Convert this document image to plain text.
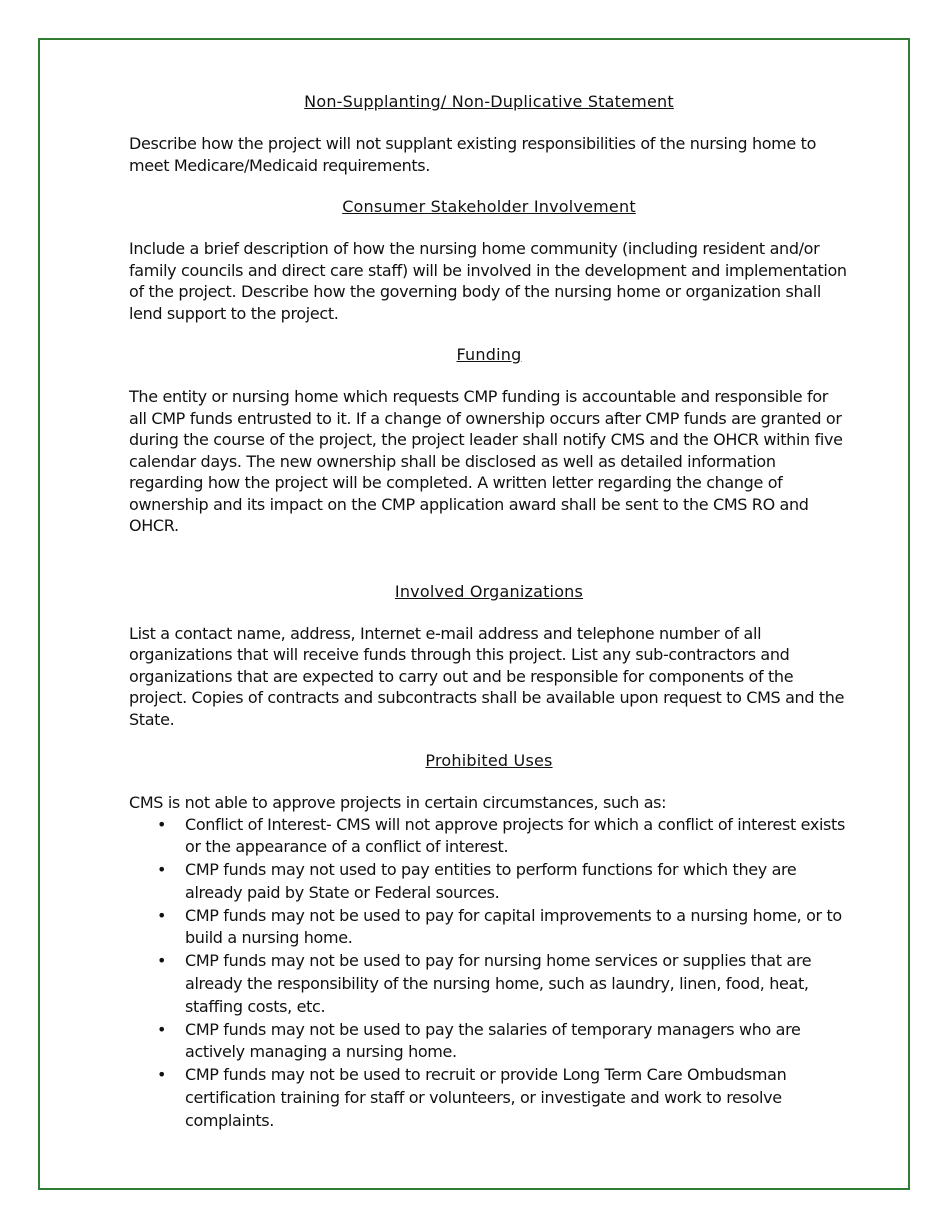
Non-Supplanting/ Non-Duplicative Statement

Describe how the project will not supplant existing responsibilities of the nursing home to meet Medicare/Medicaid requirements.

Consumer Stakeholder Involvement

Include a brief description of how the nursing home community (including resident and/or family councils and direct care staff) will be involved in the development and implementation of the project. Describe how the governing body of the nursing home or organization shall lend support to the project.

Funding

The entity or nursing home which requests CMP funding is accountable and responsible for all CMP funds entrusted to it. If a change of ownership occurs after CMP funds are granted or during the course of the project, the project leader shall notify CMS and the OHCR within five calendar days. The new ownership shall be disclosed as well as detailed information regarding how the project will be completed. A written letter regarding the change of ownership and its impact on the CMP application award shall be sent to the CMS RO and OHCR.

Involved Organizations

List a contact name, address, Internet e-mail address and telephone number of all organizations that will receive funds through this project. List any sub-contractors and organizations that are expected to carry out and be responsible for components of the project. Copies of contracts and subcontracts shall be available upon request to CMS and the State.

Prohibited Uses

CMS is not able to approve projects in certain circumstances, such as:

• Conflict of Interest- CMS will not approve projects for which a conflict of interest exists or the appearance of a conflict of interest.
• CMP funds may not used to pay entities to perform functions for which they are already paid by State or Federal sources.
• CMP funds may not be used to pay for capital improvements to a nursing home, or to build a nursing home.
• CMP funds may not be used to pay for nursing home services or supplies that are already the responsibility of the nursing home, such as laundry, linen, food, heat, staffing costs, etc.
• CMP funds may not be used to pay the salaries of temporary managers who are actively managing a nursing home.
• CMP funds may not be used to recruit or provide Long Term Care Ombudsman certification training for staff or volunteers, or investigate and work to resolve complaints.
